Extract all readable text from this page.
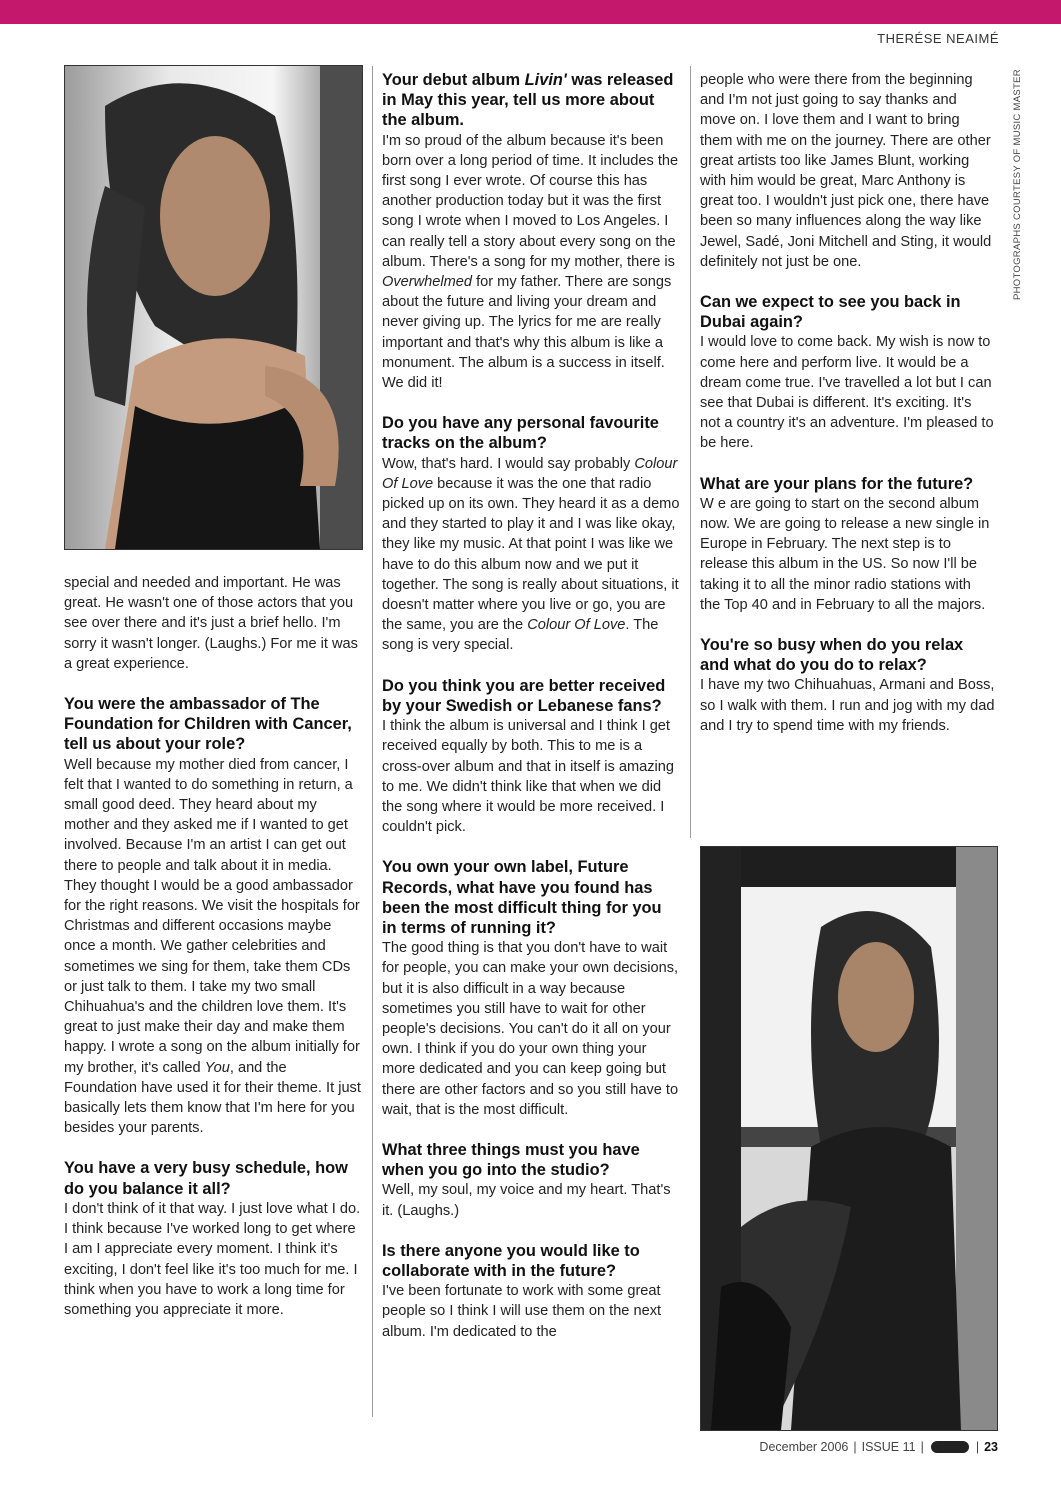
THERÉSE NEAIMÉ
PHOTOGRAPHS COURTESY OF MUSIC MASTER

special and needed and important. He was great. He wasn't one of those actors that you see over there and it's just a brief hello. I'm sorry it wasn't longer. (Laughs.) For me it was a great experience.

You were the ambassador of The Foundation for Children with Cancer, tell us about your role?

Well because my mother died from cancer, I felt that I wanted to do something in return, a small good deed. They heard about my mother and they asked me if I wanted to get involved. Because I'm an artist I can get out there to people and talk about it in media. They thought I would be a good ambassador for the right reasons. We visit the hospitals for Christmas and different occasions maybe once a month. We gather celebrities and sometimes we sing for them, take them CDs or just talk to them. I take my two small Chihuahua's and the children love them. It's great to just make their day and make them happy. I wrote a song on the album initially for my brother, it's called You, and the Foundation have used it for their theme. It just basically lets them know that I'm here for you besides your parents.

You have a very busy schedule, how do you balance it all?

I don't think of it that way. I just love what I do. I think because I've worked long to get where I am I appreciate every moment. I think it's exciting, I don't feel like it's too much for me. I think when you have to work a long time for something you appreciate it more.

Your debut album Livin' was released in May this year, tell us more about the album.

I'm so proud of the album because it's been born over a long period of time. It includes the first song I ever wrote. Of course this has another production today but it was the first song I wrote when I moved to Los Angeles. I can really tell a story about every song on the album. There's a song for my mother, there is Overwhelmed for my father. There are songs about the future and living your dream and never giving up. The lyrics for me are really important and that's why this album is like a monument. The album is a success in itself. We did it!

Do you have any personal favourite tracks on the album?

Wow, that's hard. I would say probably Colour Of Love because it was the one that radio picked up on its own. They heard it as a demo and they started to play it and I was like okay, they like my music. At that point I was like we have to do this album now and we put it together. The song is really about situations, it doesn't matter where you live or go, you are the same, you are the Colour Of Love. The song is very special.

Do you think you are better received by your Swedish or Lebanese fans?

I think the album is universal and I think I get received equally by both. This to me is a cross-over album and that in itself is amazing to me. We didn't think like that when we did the song where it would be more received. I couldn't pick.

You own your own label, Future Records, what have you found has been the most difficult thing for you in terms of running it?

The good thing is that you don't have to wait for people, you can make your own decisions, but it is also difficult in a way because sometimes you still have to wait for other people's decisions. You can't do it all on your own. I think if you do your own thing your more dedicated and you can keep going but there are other factors and so you still have to wait, that is the most difficult.

What three things must you have when you go into the studio?

Well, my soul, my voice and my heart. That's it. (Laughs.)

Is there anyone you would like to collaborate with in the future?

I've been fortunate to work with some great people so I think I will use them on the next album. I'm dedicated to the

people who were there from the beginning and I'm not just going to say thanks and move on. I love them and I want to bring them with me on the journey. There are other great artists too like James Blunt, working with him would be great, Marc Anthony is great too. I wouldn't just pick one, there have been so many influences along the way like Jewel, Sadé, Joni Mitchell and Sting, it would definitely not just be one.

Can we expect to see you back in Dubai again?

I would love to come back. My wish is now to come here and perform live. It would be a dream come true. I've travelled a lot but I can see that Dubai is different. It's exciting. It's not a country it's an adventure. I'm pleased to be here.

What are your plans for the future?

W e are going to start on the second album now. We are going to release a new single in Europe in February. The next step is to release this album in the US. So now I'll be taking it to all the minor radio stations with the Top 40 and in February to all the majors.

You're so busy when do you relax and what do you do to relax?

I have my two Chihuahuas, Armani and Boss, so I walk with them. I run and jog with my dad and I try to spend time with my friends.

December 2006 | ISSUE 11 |	| 23
